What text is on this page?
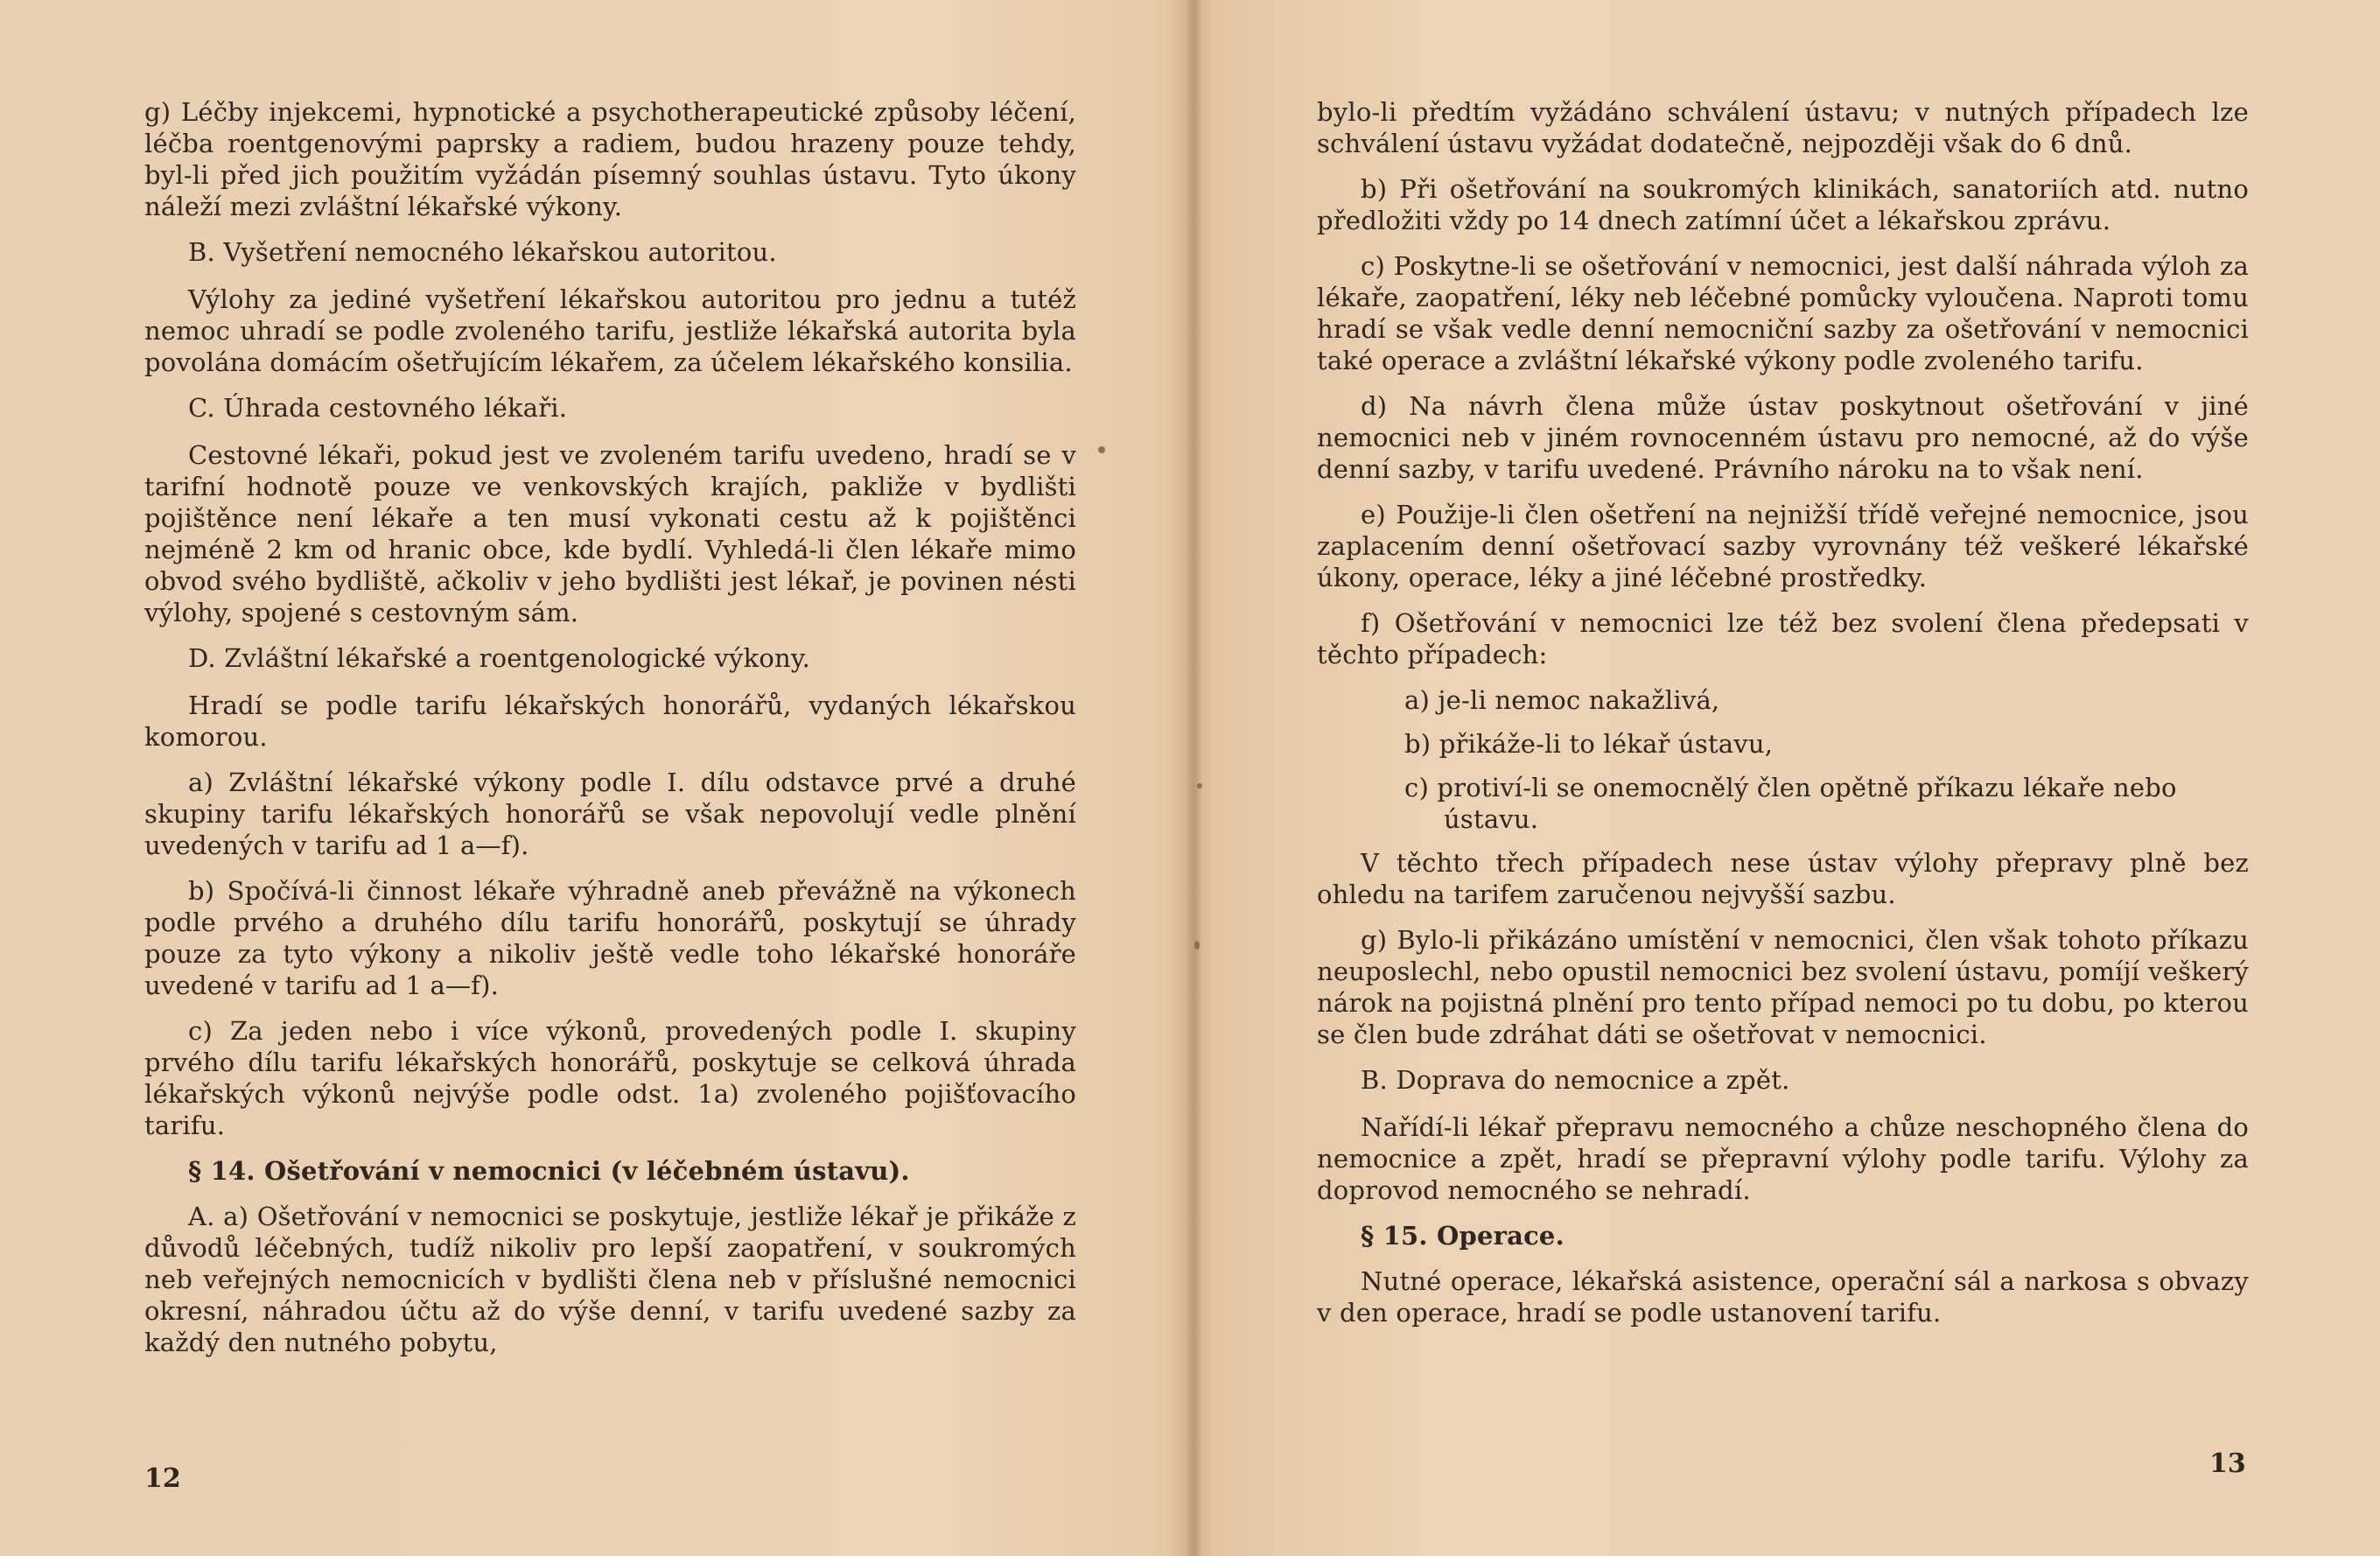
g) Léčby injekcemi, hypnotické a psychotherapeutické způsoby léčení, léčba roentgenovými paprsky a radiem, budou hrazeny pouze tehdy, byl-li před jich použitím vyžádán písemný souhlas ústavu. Tyto úkony náleží mezi zvláštní lékařské výkony.

B. Vyšetření nemocného lékařskou autoritou.

Výlohy za jediné vyšetření lékařskou autoritou pro jednu a tutéž nemoc uhradí se podle zvoleného tarifu, jestliže lékařská autorita byla povolána domácím ošetřujícím lékařem, za účelem lékařského konsilia.

C. Úhrada cestovného lékaři.

Cestovné lékaři, pokud jest ve zvoleném tarifu uvedeno, hradí se v tarifní hodnotě pouze ve venkovských krajích, pakliže v bydlišti pojištěnce není lékaře a ten musí vykonati cestu až k pojištěnci nejméně 2 km od hranic obce, kde bydlí. Vyhledá-li člen lékaře mimo obvod svého bydliště, ačkoliv v jeho bydlišti jest lékař, je povinen nésti výlohy, spojené s cestovným sám.

D. Zvláštní lékařské a roentgenologické výkony.

Hradí se podle tarifu lékařských honorářů, vydaných lékařskou komorou.

a) Zvláštní lékařské výkony podle I. dílu odstavce prvé a druhé skupiny tarifu lékařských honorářů se však nepovolují vedle plnění uvedených v tarifu ad 1 a—f).

b) Spočívá-li činnost lékaře výhradně aneb převážně na výkonech podle prvého a druhého dílu tarifu honorářů, poskytují se úhrady pouze za tyto výkony a nikoliv ještě vedle toho lékařské honoráře uvedené v tarifu ad 1 a—f).

c) Za jeden nebo i více výkonů, provedených podle I. skupiny prvého dílu tarifu lékařských honorářů, poskytuje se celková úhrada lékařských výkonů nejvýše podle odst. 1a) zvoleného pojišťovacího tarifu.

§ 14. Ošetřování v nemocnici (v léčebném ústavu).

A. a) Ošetřování v nemocnici se poskytuje, jestliže lékař je přikáže z důvodů léčebných, tudíž nikoliv pro lepší zaopatření, v soukromých neb veřejných nemocnicích v bydlišti člena neb v příslušné nemocnici okresní, náhradou účtu až do výše denní, v tarifu uvedené sazby za každý den nutného pobytu,

12

bylo-li předtím vyžádáno schválení ústavu; v nutných případech lze schválení ústavu vyžádat dodatečně, nejpozději však do 6 dnů.

b) Při ošetřování na soukromých klinikách, sanatoriích atd. nutno předložiti vždy po 14 dnech zatímní účet a lékařskou zprávu.

c) Poskytne-li se ošetřování v nemocnici, jest další náhrada výloh za lékaře, zaopatření, léky neb léčebné pomůcky vyloučena. Naproti tomu hradí se však vedle denní nemocniční sazby za ošetřování v nemocnici také operace a zvláštní lékařské výkony podle zvoleného tarifu.

d) Na návrh člena může ústav poskytnout ošetřování v jiné nemocnici neb v jiném rovnocenném ústavu pro nemocné, až do výše denní sazby, v tarifu uvedené. Právního nároku na to však není.

e) Použije-li člen ošetření na nejnižší třídě veřejné nemocnice, jsou zaplacením denní ošetřovací sazby vyrovnány též veškeré lékařské úkony, operace, léky a jiné léčebné prostředky.

f) Ošetřování v nemocnici lze též bez svolení člena předepsati v těchto případech:

a) je-li nemoc nakažlivá,

b) přikáže-li to lékař ústavu,

c) protiví-li se onemocnělý člen opětně příkazu lékaře nebo
ústavu.

V těchto třech případech nese ústav výlohy přepravy plně bez ohledu na tarifem zaručenou nejvyšší sazbu.

g) Bylo-li přikázáno umístění v nemocnici, člen však tohoto příkazu neuposlechl, nebo opustil nemocnici bez svolení ústavu, pomíjí veškerý nárok na pojistná plnění pro tento případ nemoci po tu dobu, po kterou se člen bude zdráhat dáti se ošetřovat v nemocnici.

B. Doprava do nemocnice a zpět.

Nařídí-li lékař přepravu nemocného a chůze neschopného člena do nemocnice a zpět, hradí se přepravní výlohy podle tarifu. Výlohy za doprovod nemocného se nehradí.

§ 15. Operace.

Nutné operace, lékařská asistence, operační sál a narkosa s obvazy v den operace, hradí se podle ustanovení tarifu.

13
